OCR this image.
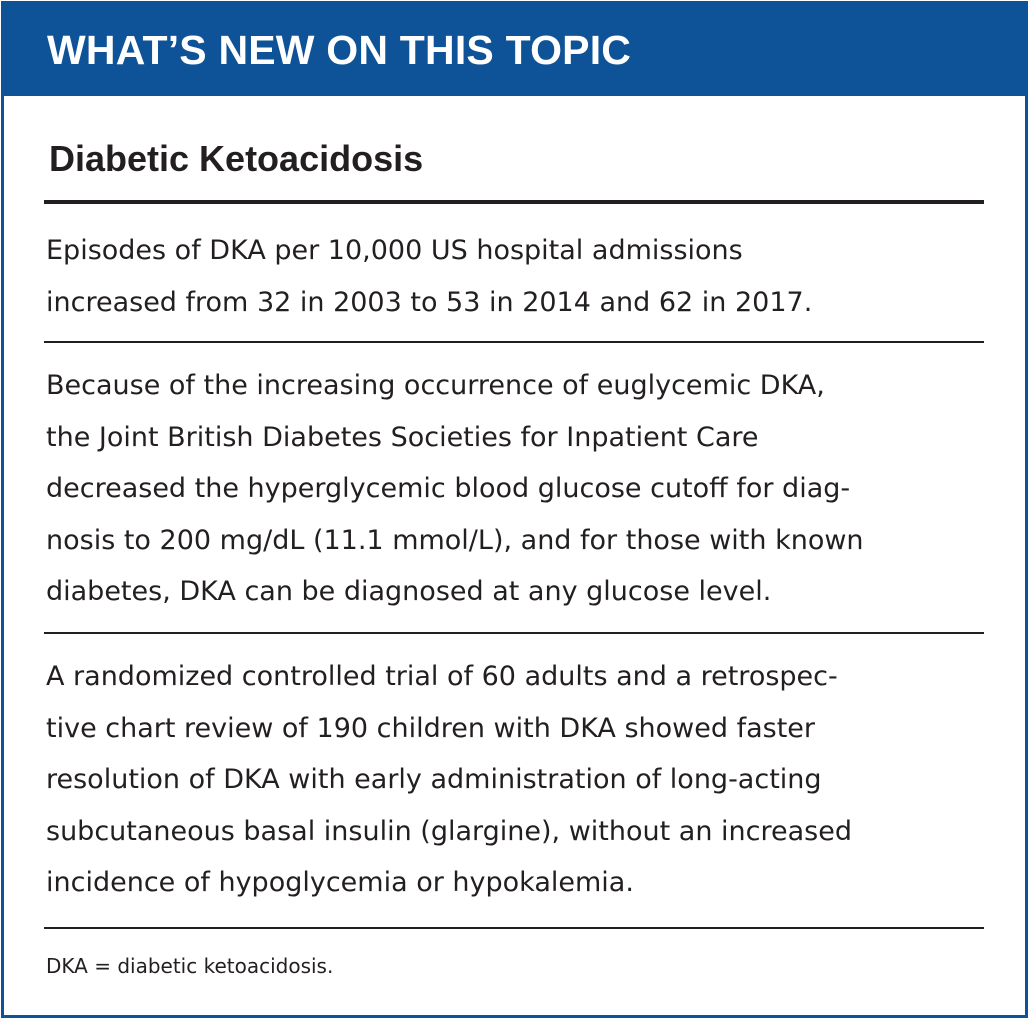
WHAT’S NEW ON THIS TOPIC
Diabetic Ketoacidosis
Episodes of DKA per 10,000 US hospital admissions
increased from 32 in 2003 to 53 in 2014 and 62 in 2017.
Because of the increasing occurrence of euglycemic DKA,
the Joint British Diabetes Societies for Inpatient Care
decreased the hyperglycemic blood glucose cutoff for diag-
nosis to 200 mg/dL (11.1 mmol/L), and for those with known
diabetes, DKA can be diagnosed at any glucose level.
A randomized controlled trial of 60 adults and a retrospec-
tive chart review of 190 children with DKA showed faster
resolution of DKA with early administration of long-acting
subcutaneous basal insulin (glargine), without an increased
incidence of hypoglycemia or hypokalemia.
DKA = diabetic ketoacidosis.
